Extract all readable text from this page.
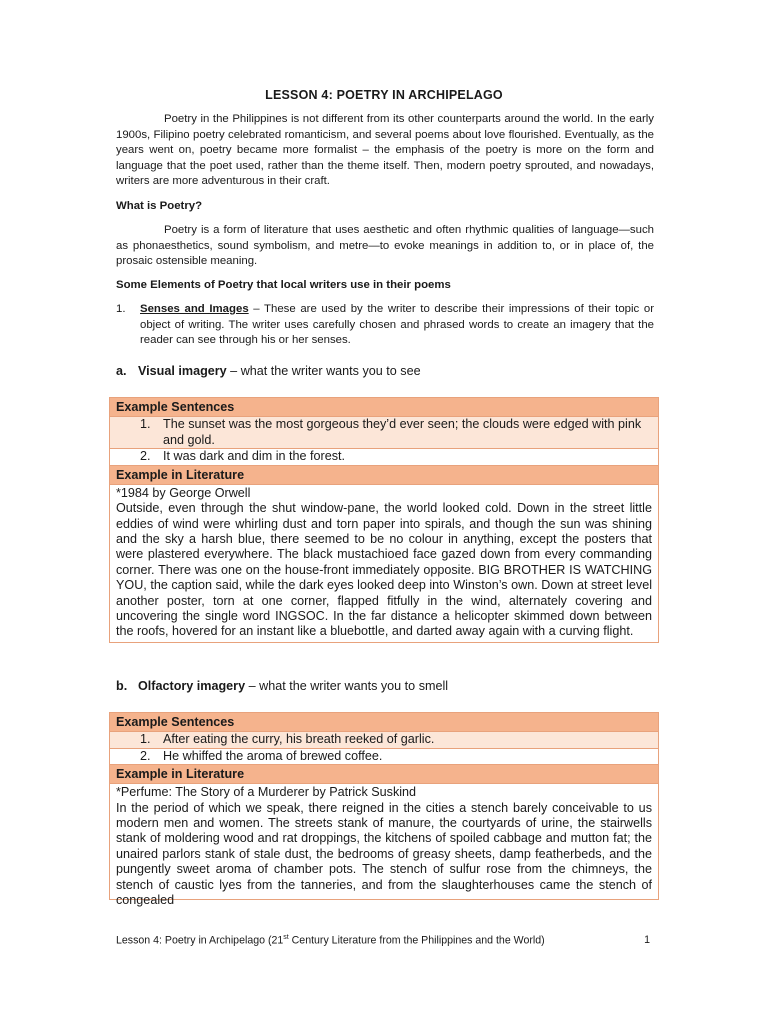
LESSON 4: POETRY IN ARCHIPELAGO
Poetry in the Philippines is not different from its other counterparts around the world. In the early 1900s, Filipino poetry celebrated romanticism, and several poems about love flourished. Eventually, as the years went on, poetry became more formalist – the emphasis of the poetry is more on the form and language that the poet used, rather than the theme itself. Then, modern poetry sprouted, and nowadays, writers are more adventurous in their craft.
What is Poetry?
Poetry is a form of literature that uses aesthetic and often rhythmic qualities of language—such as phonaesthetics, sound symbolism, and metre—to evoke meanings in addition to, or in place of, the prosaic ostensible meaning.
Some Elements of Poetry that local writers use in their poems
1. Senses and Images – These are used by the writer to describe their impressions of their topic or object of writing. The writer uses carefully chosen and phrased words to create an imagery that the reader can see through his or her senses.
a. Visual imagery – what the writer wants you to see
Example Sentences
1. The sunset was the most gorgeous they’d ever seen; the clouds were edged with pink and gold.
2. It was dark and dim in the forest.
Example in Literature
*1984 by George Orwell
Outside, even through the shut window-pane, the world looked cold. Down in the street little eddies of wind were whirling dust and torn paper into spirals, and though the sun was shining and the sky a harsh blue, there seemed to be no colour in anything, except the posters that were plastered everywhere. The black mustachioed face gazed down from every commanding corner. There was one on the house-front immediately opposite. BIG BROTHER IS WATCHING YOU, the caption said, while the dark eyes looked deep into Winston’s own. Down at street level another poster, torn at one corner, flapped fitfully in the wind, alternately covering and uncovering the single word INGSOC. In the far distance a helicopter skimmed down between the roofs, hovered for an instant like a bluebottle, and darted away again with a curving flight.
b. Olfactory imagery – what the writer wants you to smell
Example Sentences
1. After eating the curry, his breath reeked of garlic.
2. He whiffed the aroma of brewed coffee.
Example in Literature
*Perfume: The Story of a Murderer by Patrick Suskind
In the period of which we speak, there reigned in the cities a stench barely conceivable to us modern men and women. The streets stank of manure, the courtyards of urine, the stairwells stank of moldering wood and rat droppings, the kitchens of spoiled cabbage and mutton fat; the unaired parlors stank of stale dust, the bedrooms of greasy sheets, damp featherbeds, and the pungently sweet aroma of chamber pots. The stench of sulfur rose from the chimneys, the stench of caustic lyes from the tanneries, and from the slaughterhouses came the stench of congealed
Lesson 4: Poetry in Archipelago (21st Century Literature from the Philippines and the World)	1
